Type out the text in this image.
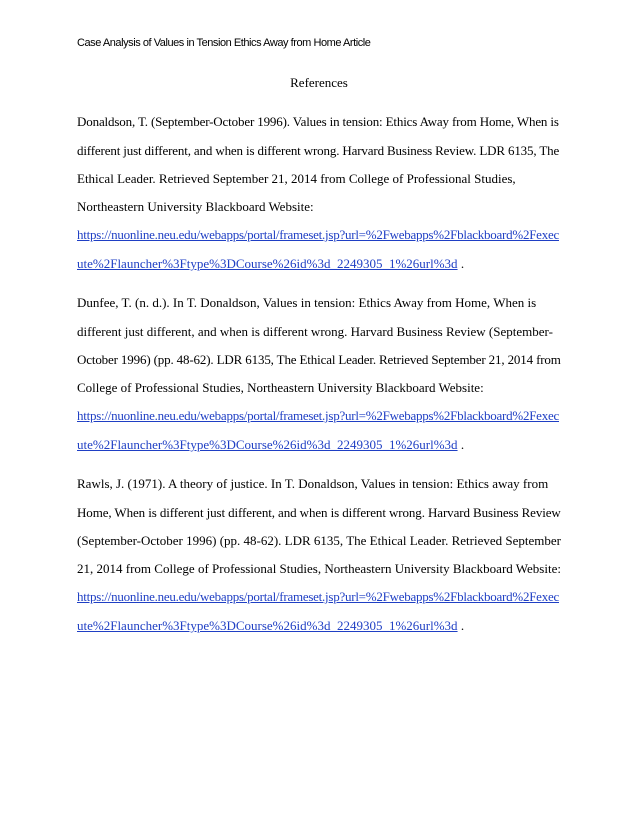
Case Analysis of Values in Tension Ethics Away from Home Article
References
Donaldson, T. (September-October 1996). Values in tension: Ethics Away from Home, When is
different just different, and when is different wrong. Harvard Business Review. LDR 6135, The
Ethical Leader. Retrieved September 21, 2014 from College of Professional Studies,
Northeastern University Blackboard Website:
https://nuonline.neu.edu/webapps/portal/frameset.jsp?url=%2Fwebapps%2Fblackboard%2Fexec
ute%2Flauncher%3Ftype%3DCourse%26id%3d_2249305_1%26url%3d .
Dunfee, T. (n. d.). In T. Donaldson, Values in tension: Ethics Away from Home, When is
different just different, and when is different wrong. Harvard Business Review (September-
October 1996) (pp. 48-62). LDR 6135, The Ethical Leader. Retrieved September 21, 2014 from
College of Professional Studies, Northeastern University Blackboard Website:
https://nuonline.neu.edu/webapps/portal/frameset.jsp?url=%2Fwebapps%2Fblackboard%2Fexec
ute%2Flauncher%3Ftype%3DCourse%26id%3d_2249305_1%26url%3d .
Rawls, J. (1971). A theory of justice. In T. Donaldson, Values in tension: Ethics away from
Home, When is different just different, and when is different wrong. Harvard Business Review
(September-October 1996) (pp. 48-62). LDR 6135, The Ethical Leader. Retrieved September
21, 2014 from College of Professional Studies, Northeastern University Blackboard Website:
https://nuonline.neu.edu/webapps/portal/frameset.jsp?url=%2Fwebapps%2Fblackboard%2Fexec
ute%2Flauncher%3Ftype%3DCourse%26id%3d_2249305_1%26url%3d .
